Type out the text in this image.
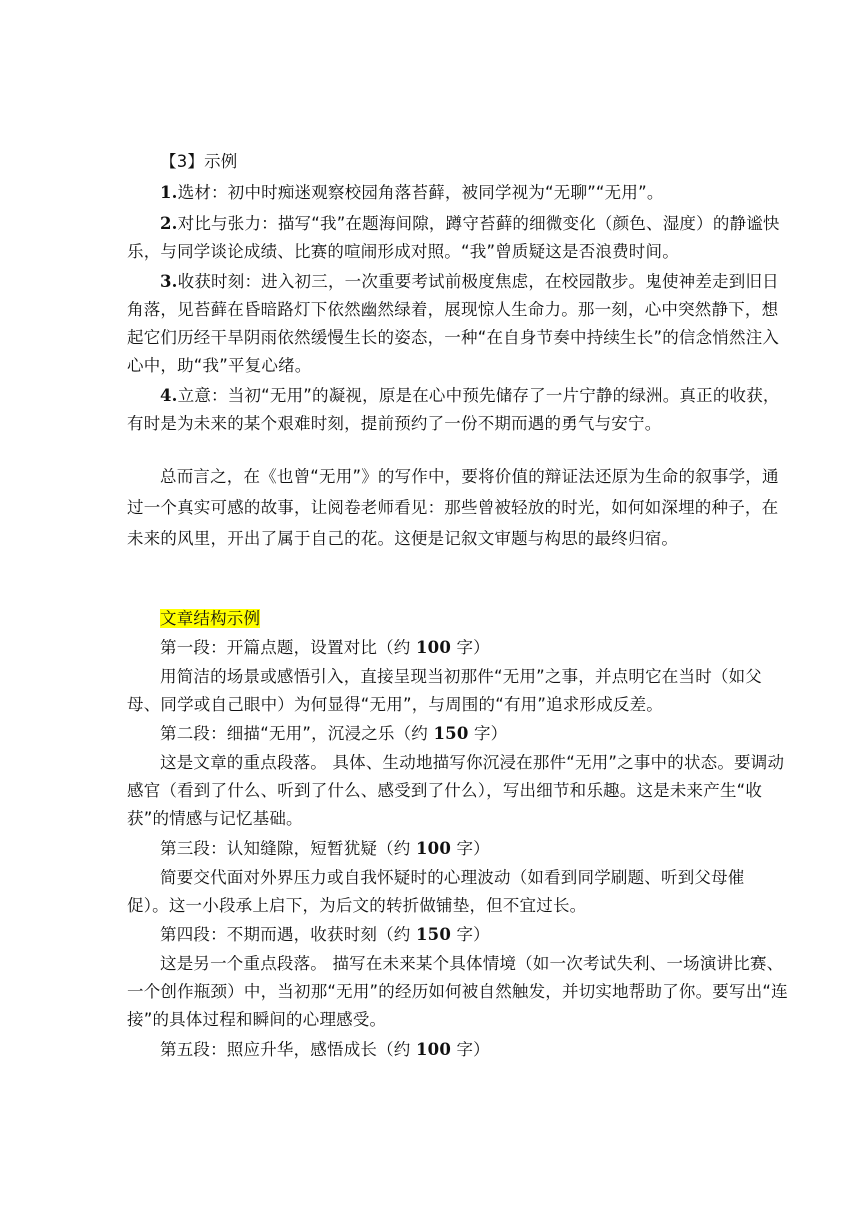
【3】示例
1.选材：初中时痴迷观察校园角落苔藓，被同学视为“无聊”“无用”。
2.对比与张力：描写“我”在题海间隙，蹲守苔藓的细微变化（颜色、湿度）的静谧快
乐，与同学谈论成绩、比赛的喧闹形成对照。“我”曾质疑这是否浪费时间。
3.收获时刻：进入初三，一次重要考试前极度焦虑，在校园散步。鬼使神差走到旧日
角落，见苔藓在昏暗路灯下依然幽然绿着，展现惊人生命力。那一刻，心中突然静下，想
起它们历经干旱阴雨依然缓慢生长的姿态，一种“在自身节奏中持续生长”的信念悄然注入
心中，助“我”平复心绪。
4.立意：当初“无用”的凝视，原是在心中预先储存了一片宁静的绿洲。真正的收获，
有时是为未来的某个艰难时刻，提前预约了一份不期而遇的勇气与安宁。
总而言之，在《也曾“无用”》的写作中，要将价值的辩证法还原为生命的叙事学，通
过一个真实可感的故事，让阅卷老师看见：那些曾被轻放的时光，如何如深埋的种子，在
未来的风里，开出了属于自己的花。这便是记叙文审题与构思的最终归宿。
文章结构示例
第一段：开篇点题，设置对比（约 100 字）
用简洁的场景或感悟引入，直接呈现当初那件“无用”之事，并点明它在当时（如父
母、同学或自己眼中）为何显得“无用”，与周围的“有用”追求形成反差。
第二段：细描“无用”，沉浸之乐（约 150 字）
这是文章的重点段落。 具体、生动地描写你沉浸在那件“无用”之事中的状态。要调动
感官（看到了什么、听到了什么、感受到了什么），写出细节和乐趣。这是未来产生“收
获”的情感与记忆基础。
第三段：认知缝隙，短暂犹疑（约 100 字）
简要交代面对外界压力或自我怀疑时的心理波动（如看到同学刷题、听到父母催
促）。这一小段承上启下，为后文的转折做铺垫，但不宜过长。
第四段：不期而遇，收获时刻（约 150 字）
这是另一个重点段落。 描写在未来某个具体情境（如一次考试失利、一场演讲比赛、
一个创作瓶颈）中，当初那“无用”的经历如何被自然触发，并切实地帮助了你。要写出“连
接”的具体过程和瞬间的心理感受。
第五段：照应升华，感悟成长（约 100 字）
